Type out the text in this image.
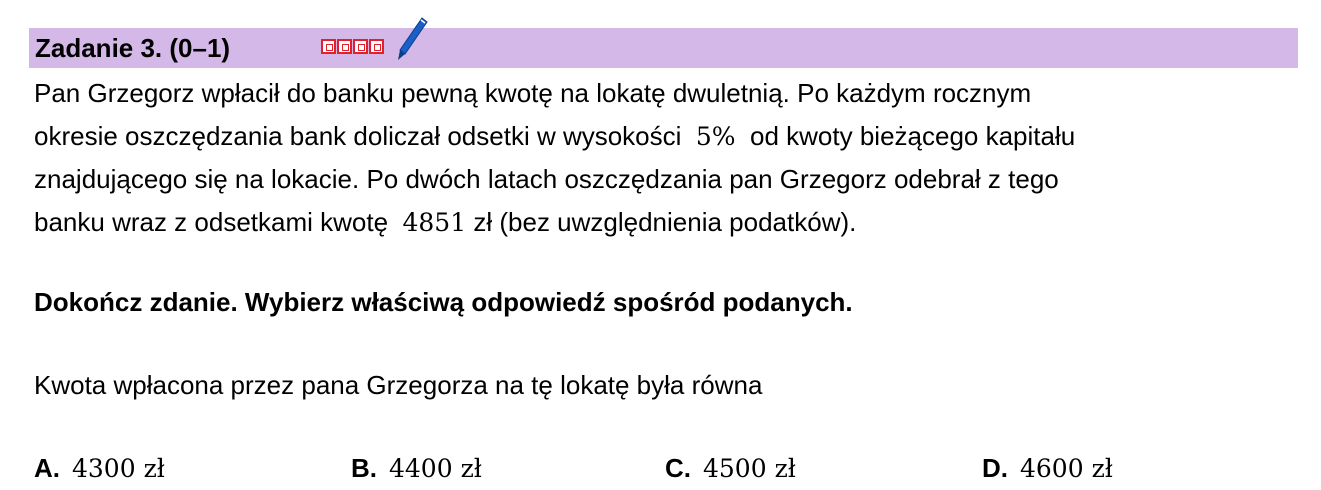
Zadanie 3. (0–1)
Pan Grzegorz wpłacił do banku pewną kwotę na lokatę dwuletnią. Po każdym rocznym
okresie oszczędzania bank doliczał odsetki w wysokości 5% od kwoty bieżącego kapitału
znajdującego się na lokacie. Po dwóch latach oszczędzania pan Grzegorz odebrał z tego
banku wraz z odsetkami kwotę 4851 zł (bez uwzględnienia podatków).
Dokończ zdanie. Wybierz właściwą odpowiedź spośród podanych.
Kwota wpłacona przez pana Grzegorza na tę lokatę była równa
A. 4300 zł	B. 4400 zł	C. 4500 zł	D. 4600 zł
